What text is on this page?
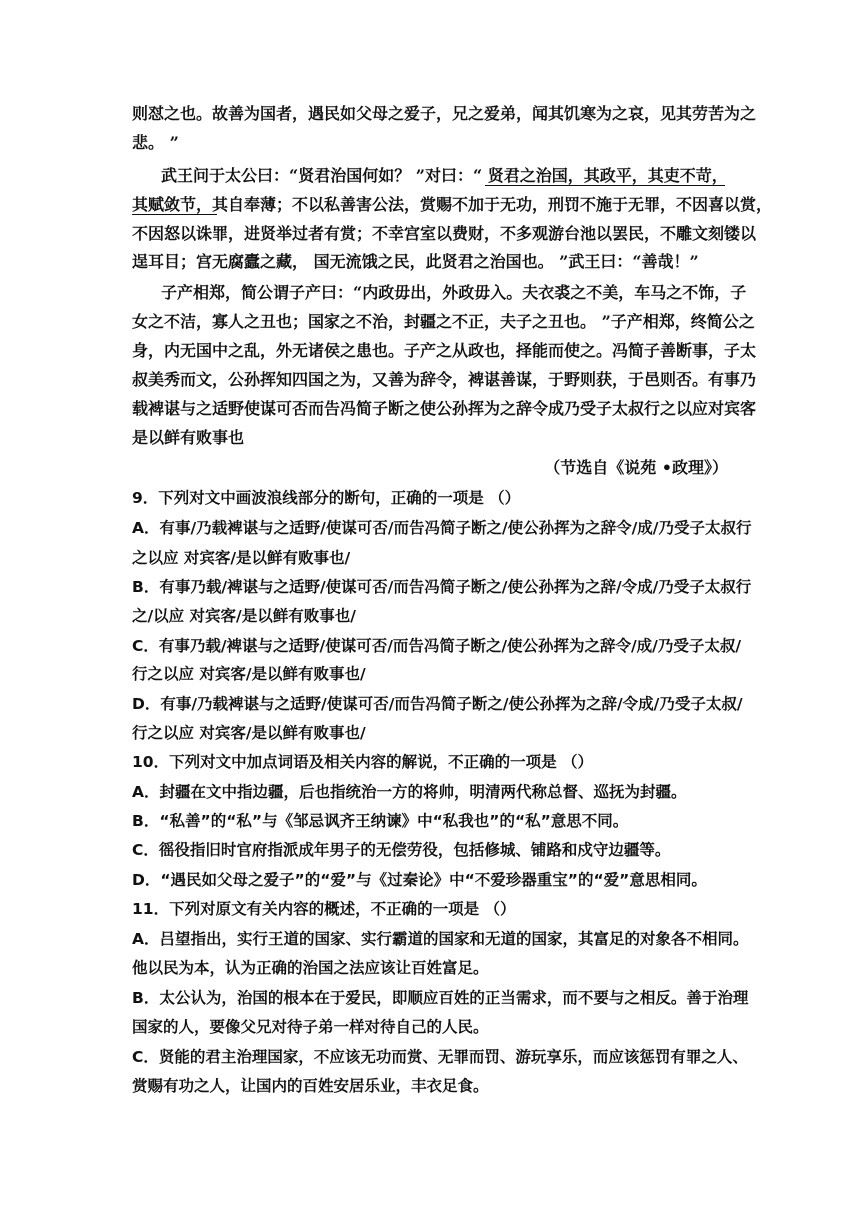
则怼之也。故善为国者，遇民如父母之爱子，兄之爱弟，闻其饥寒为之哀，见其劳苦为之
悲。 ”
武王问于太公曰：“贤君治国何如？ ”对曰：“ 贤君之治国，其政平，其吏不苛，
其赋敛节，其自奉薄；不以私善害公法，赏赐不加于无功，刑罚不施于无罪，不因喜以赏，
不因怒以诛罪，进贤举过者有赏；不幸宫室以费财，不多观游台池以罢民，不雕文刻镂以
逞耳目；宫无腐蠹之藏， 国无流饿之民，此贤君之治国也。 ”武王曰：“善哉！”
子产相郑，简公谓子产曰：“内政毋出，外政毋入。夫衣裘之不美，车马之不饰，子
女之不洁，寡人之丑也；国家之不治，封疆之不正，夫子之丑也。 ”子产相郑，终简公之
身，内无国中之乱，外无诸侯之患也。子产之从政也，择能而使之。冯简子善断事，子太
叔美秀而文，公孙挥知四国之为，又善为辞令，裨谌善谋，于野则获，于邑则否。有事乃
载裨谌与之适野使谋可否而告冯简子断之使公孙挥为之辞令成乃受子太叔行之以应对宾客
是以鲜有败事也
（节选自《说苑 •政理》）
9．下列对文中画波浪线部分的断句，正确的一项是 （）
A．有事/乃载裨谌与之适野/使谋可否/而告冯简子断之/使公孙挥为之辞令/成/乃受子太叔行
之以应 对宾客/是以鲜有败事也/
B．有事乃载/裨谌与之适野/使谋可否/而告冯简子断之/使公孙挥为之辞/令成/乃受子太叔行
之/以应 对宾客/是以鲜有败事也/
C．有事乃载/裨谌与之适野/使谋可否/而告冯简子断之/使公孙挥为之辞令/成/乃受子太叔/
行之以应 对宾客/是以鲜有败事也/
D．有事/乃载裨谌与之适野/使谋可否/而告冯简子断之/使公孙挥为之辞/令成/乃受子太叔/
行之以应 对宾客/是以鲜有败事也/
10．下列对文中加点词语及相关内容的解说，不正确的一项是 （）
A．封疆在文中指边疆，后也指统治一方的将帅，明清两代称总督、巡抚为封疆。
B．“私善”的“私”与《邹忌讽齐王纳谏》中“私我也”的“私”意思不同。
C．徭役指旧时官府指派成年男子的无偿劳役，包括修城、铺路和戍守边疆等。
D．“遇民如父母之爱子”的“爱”与《过秦论》中“不爱珍器重宝”的“爱”意思相同。
11．下列对原文有关内容的概述，不正确的一项是 （）
A．吕望指出，实行王道的国家、实行霸道的国家和无道的国家，其富足的对象各不相同。
他以民为本，认为正确的治国之法应该让百姓富足。
B．太公认为，治国的根本在于爱民，即顺应百姓的正当需求，而不要与之相反。善于治理
国家的人，要像父兄对待子弟一样对待自己的人民。
C．贤能的君主治理国家，不应该无功而赏、无罪而罚、游玩享乐，而应该惩罚有罪之人、
赏赐有功之人，让国内的百姓安居乐业，丰衣足食。
